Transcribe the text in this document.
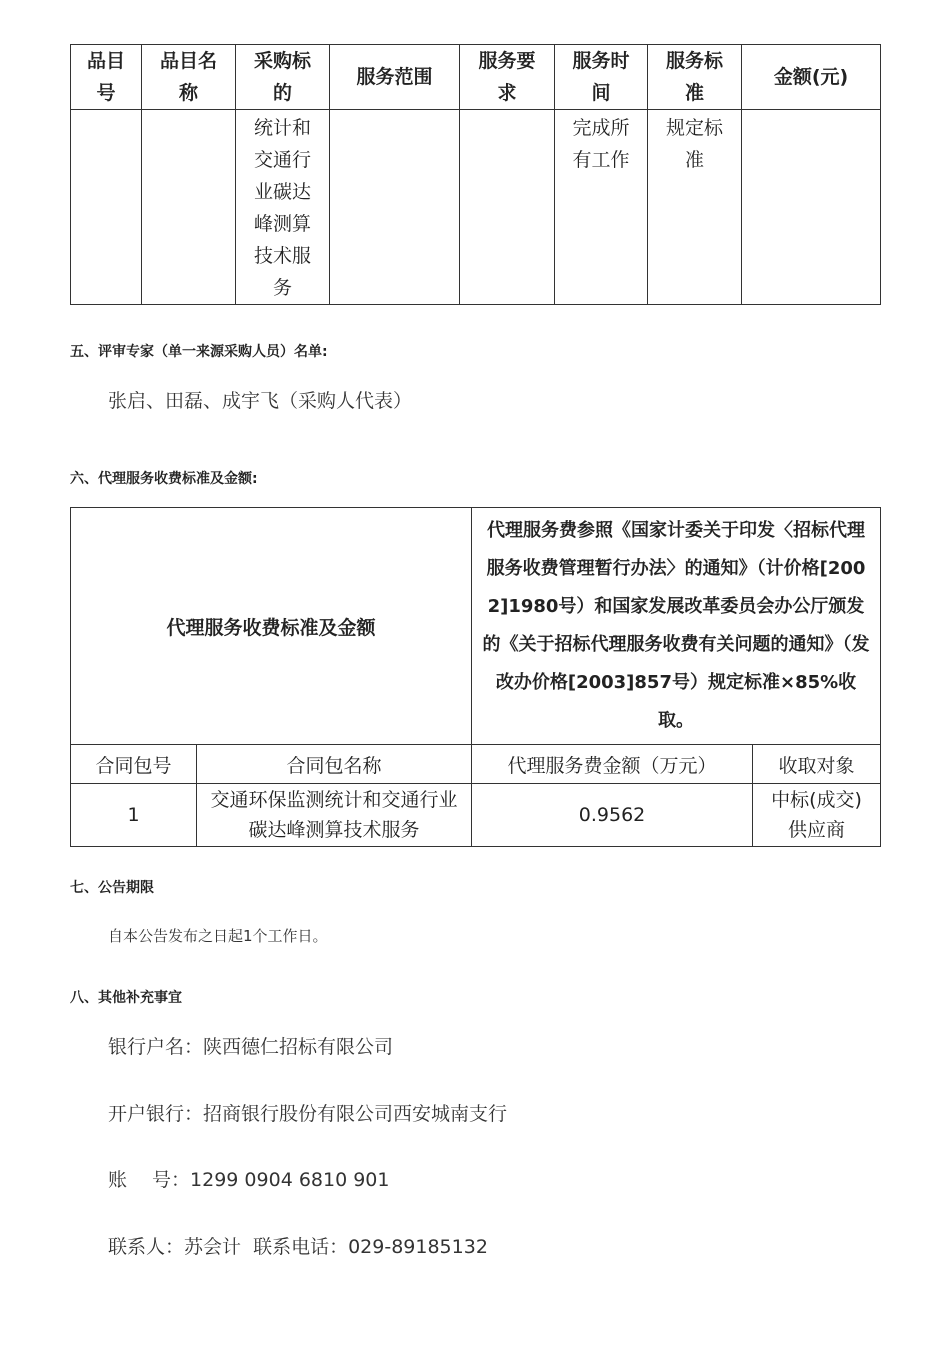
品目号	品目名称	采购标的	服务范围	服务要求	服务时间	服务标准	金额(元)
		统计和交通行业碳达峰测算技术服务			完成所有工作	规定标准	
五、评审专家（单一来源采购人员）名单:
张启、田磊、成宇飞（采购人代表）
六、代理服务收费标准及金额:
代理服务收费标准及金额		代理服务费参照《国家计委关于印发〈招标代理服务收费管理暂行办法〉的通知》（计价格[2002]1980号）和国家发展改革委员会办公厅颁发的《关于招标代理服务收费有关问题的通知》（发改办价格[2003]857号）规定标准×85%收取。	
合同包号	合同包名称	代理服务费金额（万元）	收取对象
1	交通环保监测统计和交通行业碳达峰测算技术服务	0.9562	中标(成交)供应商
七、公告期限
自本公告发布之日起1个工作日。
八、其他补充事宜
银行户名：陕西德仁招标有限公司
开户银行：招商银行股份有限公司西安城南支行
账　 号：1299 0904 6810 901
联系人：苏会计  联系电话：029-89185132
